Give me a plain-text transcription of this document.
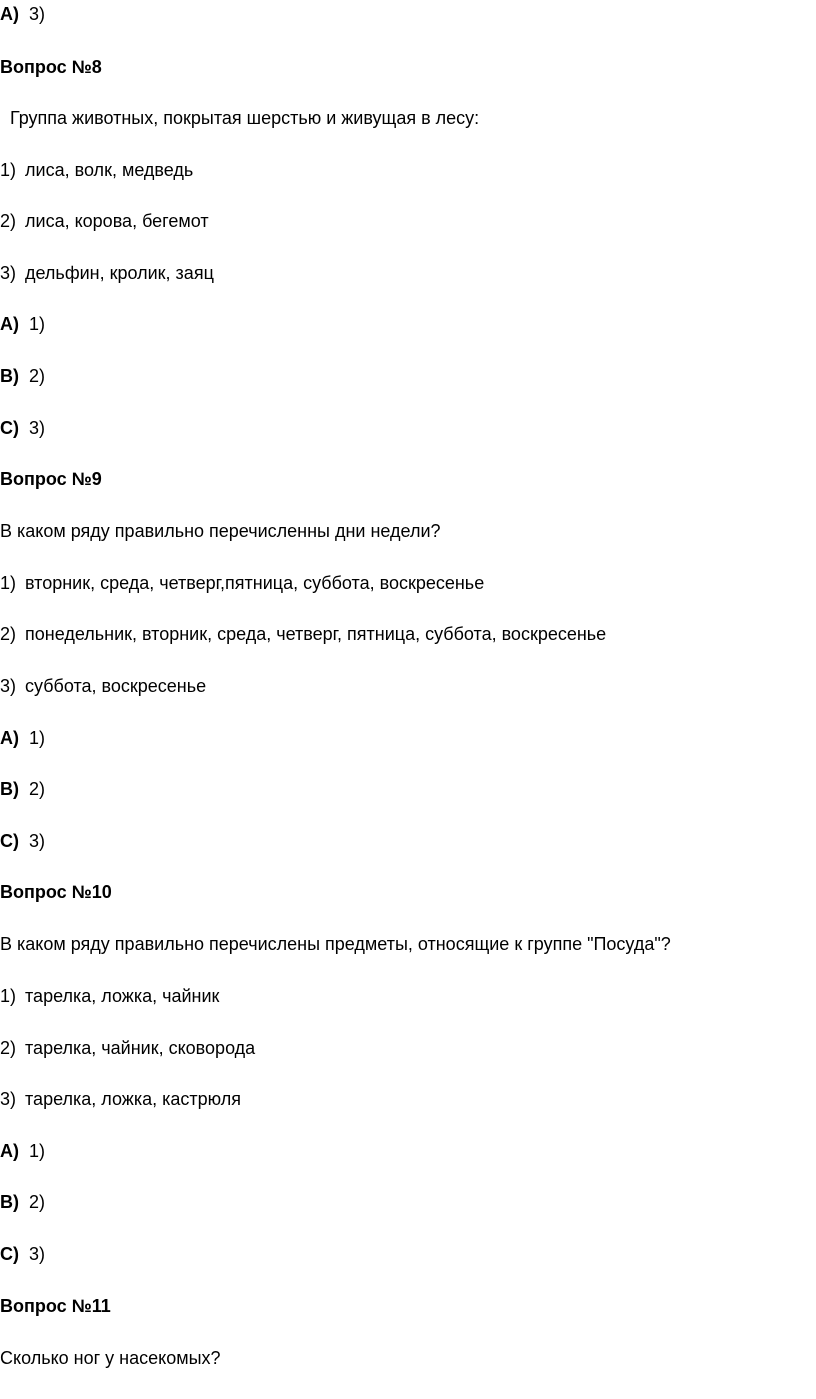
A) 3)
Вопрос №8
Группа животных, покрытая шерстью и живущая в лесу:
1) лиса, волк, медведь
2) лиса, корова, бегемот
3) дельфин, кролик, заяц
A) 1)
B) 2)
C) 3)
Вопрос №9
В каком ряду правильно перечисленны дни недели?
1) вторник, среда, четверг,пятница, суббота, воскресенье
2) понедельник, вторник, среда, четверг, пятница, суббота, воскресенье
3) суббота, воскресенье
A) 1)
B) 2)
C) 3)
Вопрос №10
В каком ряду правильно перечислены предметы, относящие к группе "Посуда"?
1) тарелка, ложка, чайник
2) тарелка, чайник, сковорода
3) тарелка, ложка, кастрюля
A) 1)
B) 2)
C) 3)
Вопрос №11
Сколько ног у насекомых?
